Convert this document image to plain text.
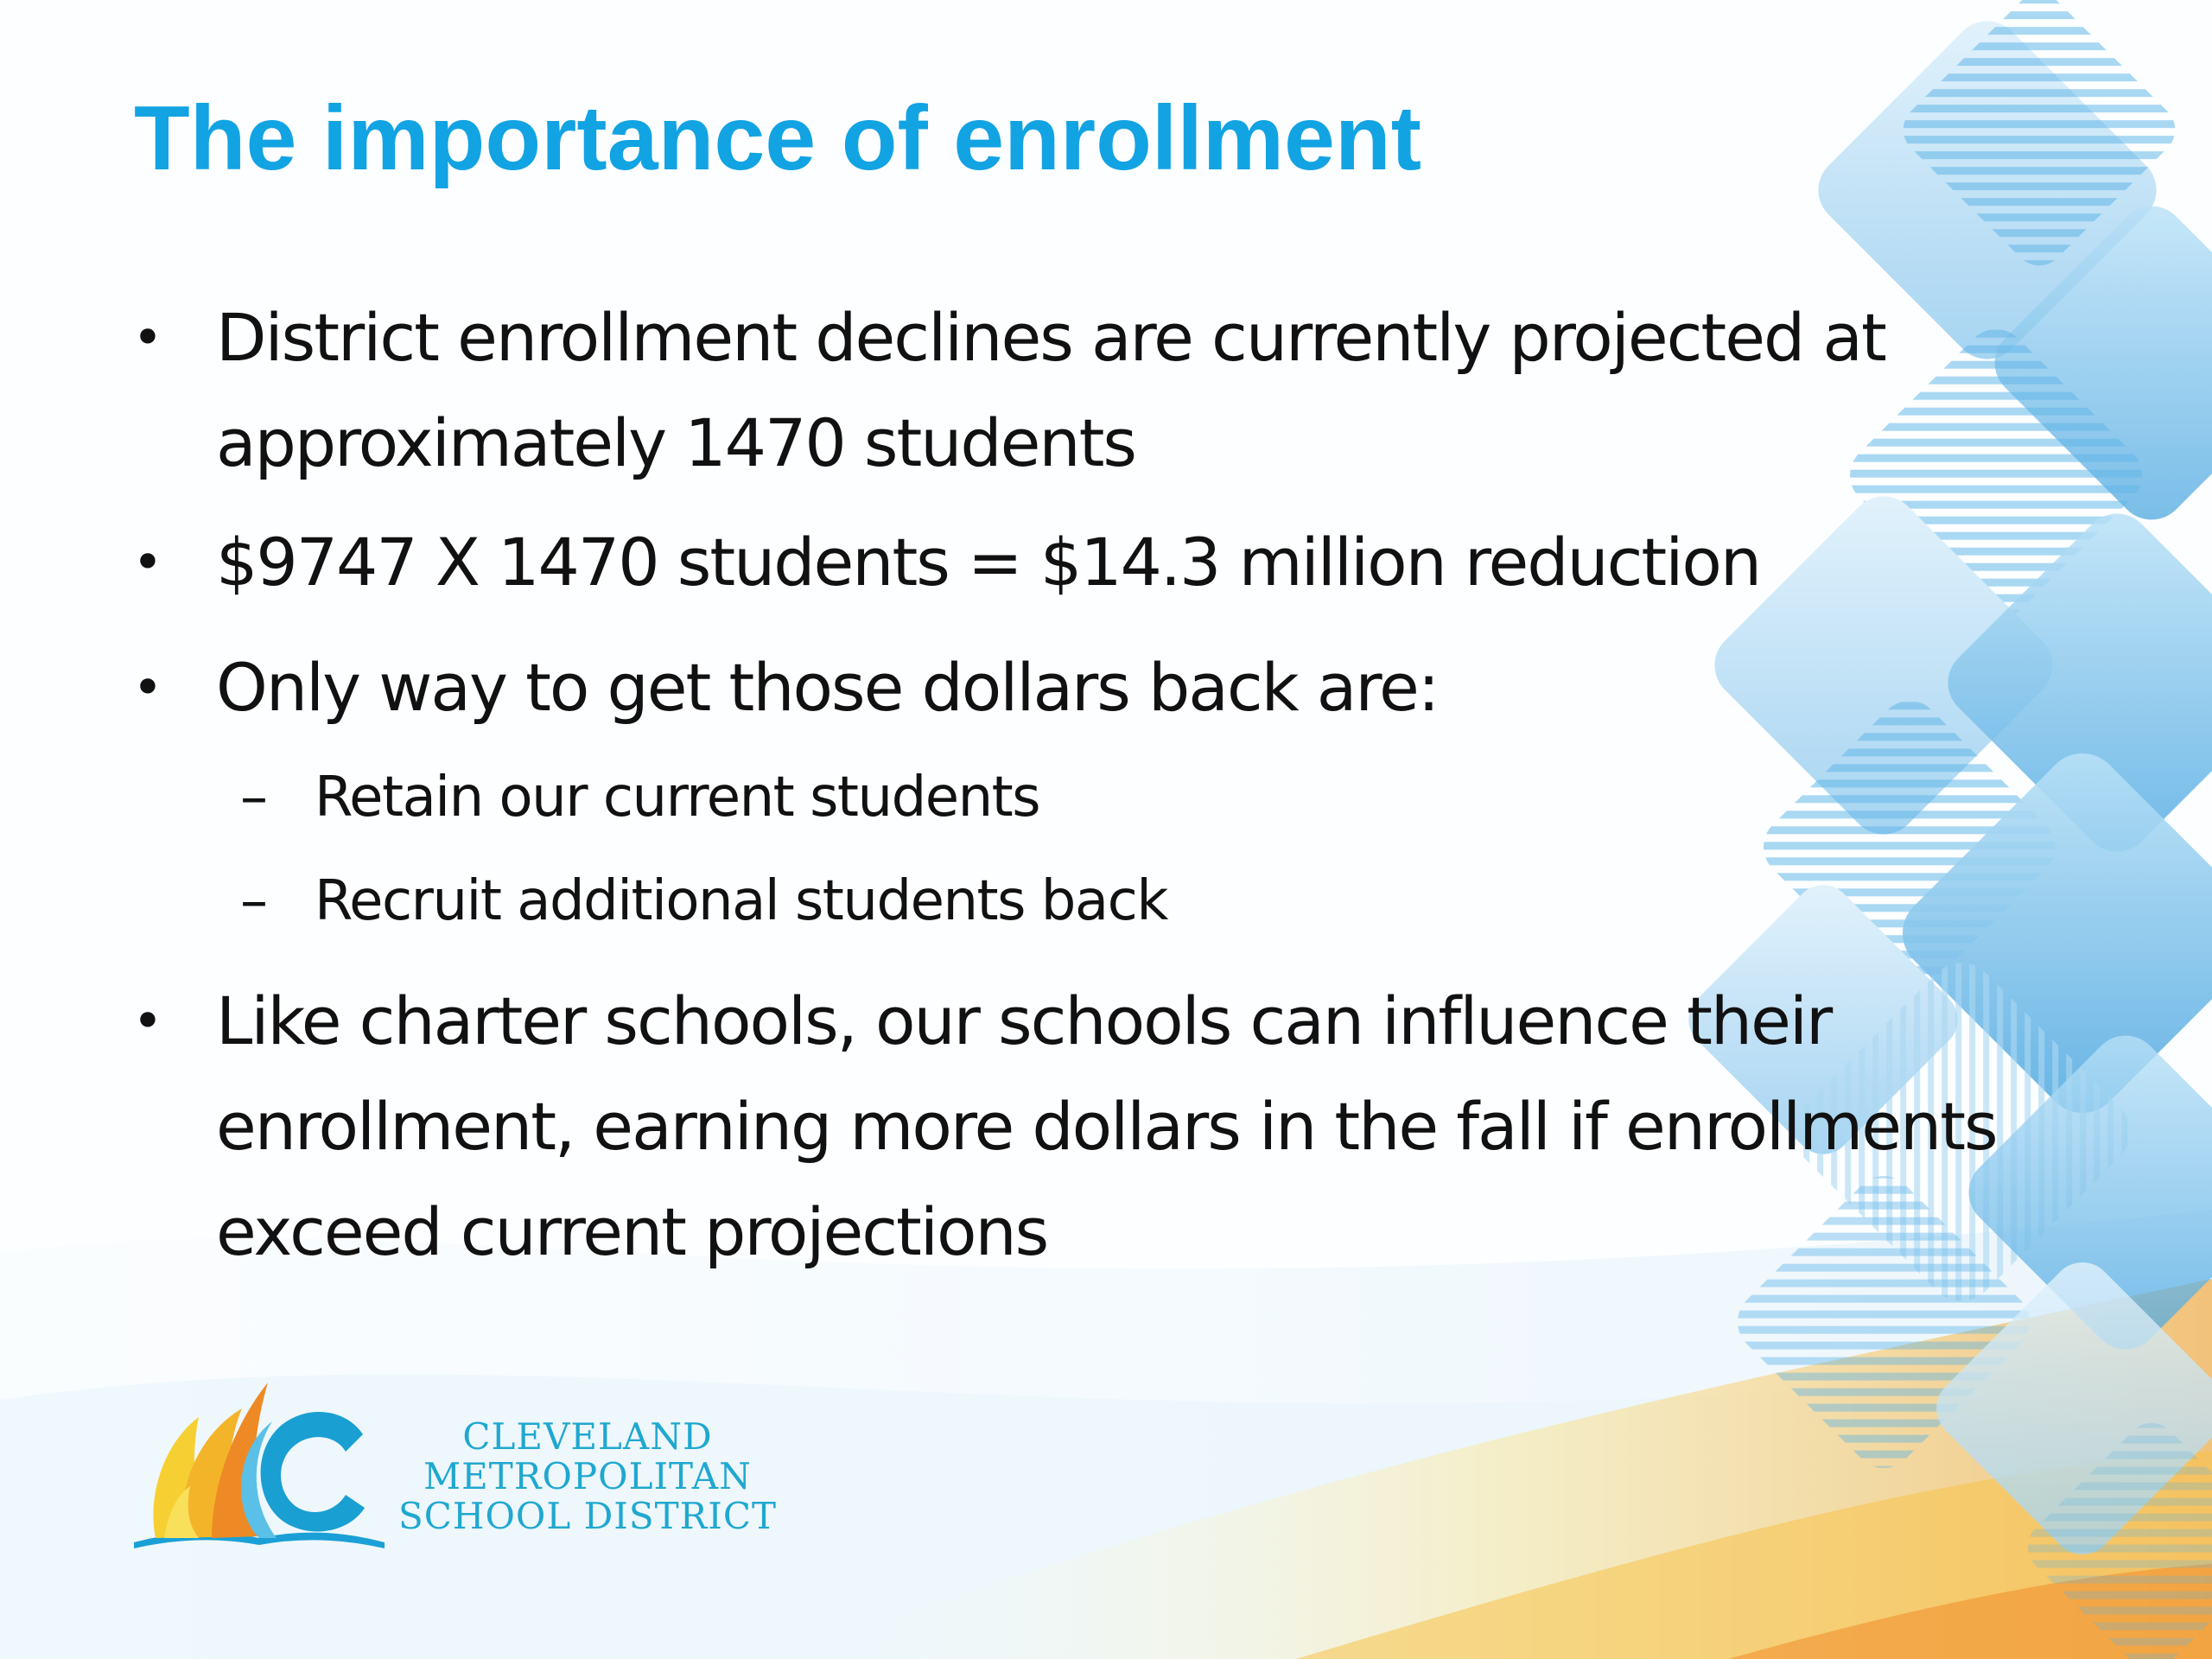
The importance of enrollment
• District enrollment declines are currently projected at approximately 1470 students
• $9747 X 1470 students = $14.3 million reduction
• Only way to get those dollars back are:
– Retain our current students
– Recruit additional students back
• Like charter schools, our schools can influence their enrollment, earning more dollars in the fall if enrollments exceed current projections
CLEVELAND
METROPOLITAN
SCHOOL DISTRICT
